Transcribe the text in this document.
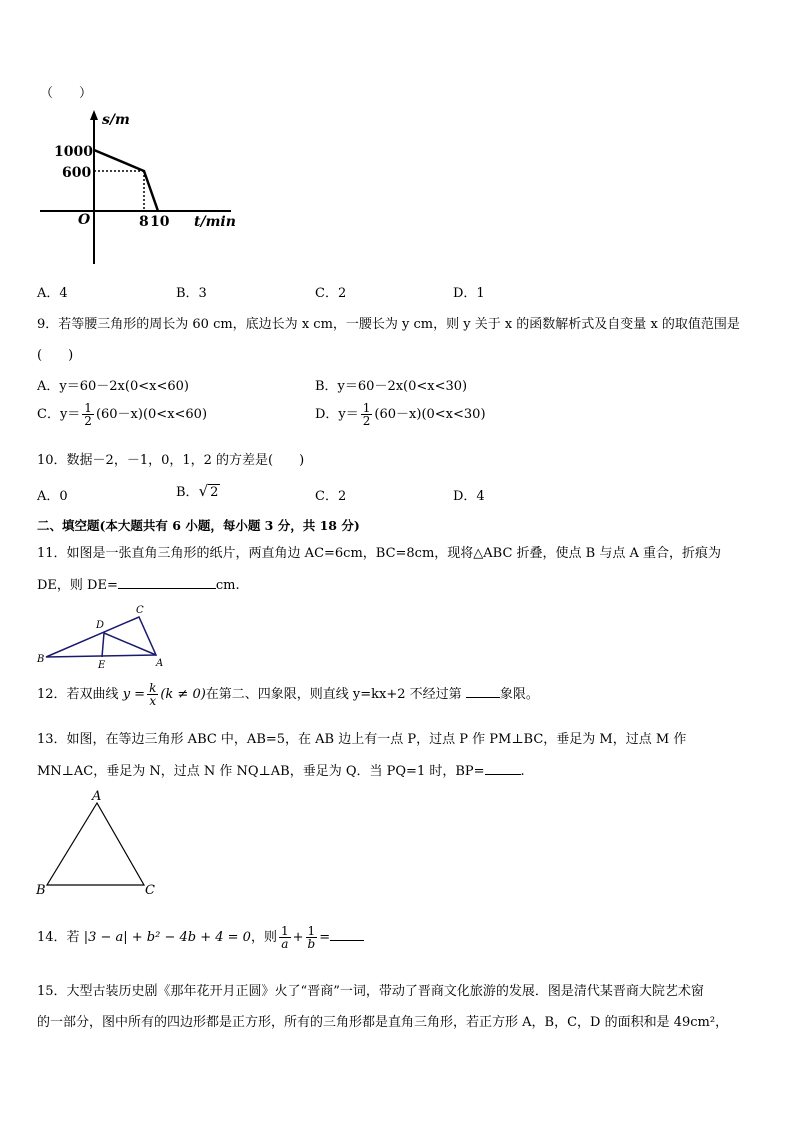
（　　）
s/m
1000
600
O	8 10 t/min
A．4	B．3	C．2	D．1
9．若等腰三角形的周长为 60 cm，底边长为 x cm，一腰长为 y cm，则 y 关于 x 的函数解析式及自变量 x 的取值范围是
(　　)
A．y＝60－2x(0<x<60)	B．y＝60－2x(0<x<30)
C．$y= \frac{1}{2} (60-x)(0<x<60)$	D．$y= \frac{1}{2} (60-x)(0<x<30)$
10．数据－2，－1，0，1，2 的方差是(　　)
A．0	B．√ 2	C．2	D．4
二、填空题(本大题共有 6 小题，每小题 3 分，共 18 分)
11．如图是一张直角三角形的纸片，两直角边 AC=6cm，BC=8cm，现将△ABC 折叠，使点 B 与点 A 重合，折痕为
DE，则 DE=	cm.
B
D
C
E	A
12．若双曲线 $y = \frac{k}{x} (k \ne 0)$在第二、四象限，则直线 y=kx+2 不经过第	象限。
13．如图，在等边三角形 ABC 中，AB=5，在 AB 边上有一点 P，过点 P 作 PM⊥BC，垂足为 M，过点 M 作
MN⊥AC，垂足为 N，过点 N 作 NQ⊥AB，垂足为 Q．当 PQ=1 时，BP=	.
A
B	C
14．若 |3 − a| + b² − 4b + 4 = 0，则 $\frac{1}{a} + \frac{1}{b}$ =
15．大型古装历史剧《那年花开月正圆》火了“晋商”一词，带动了晋商文化旅游的发展．图是清代某晋商大院艺术窗
的一部分，图中所有的四边形都是正方形，所有的三角形都是直角三角形，若正方形 A，B，C，D 的面积和是 49cm²，
